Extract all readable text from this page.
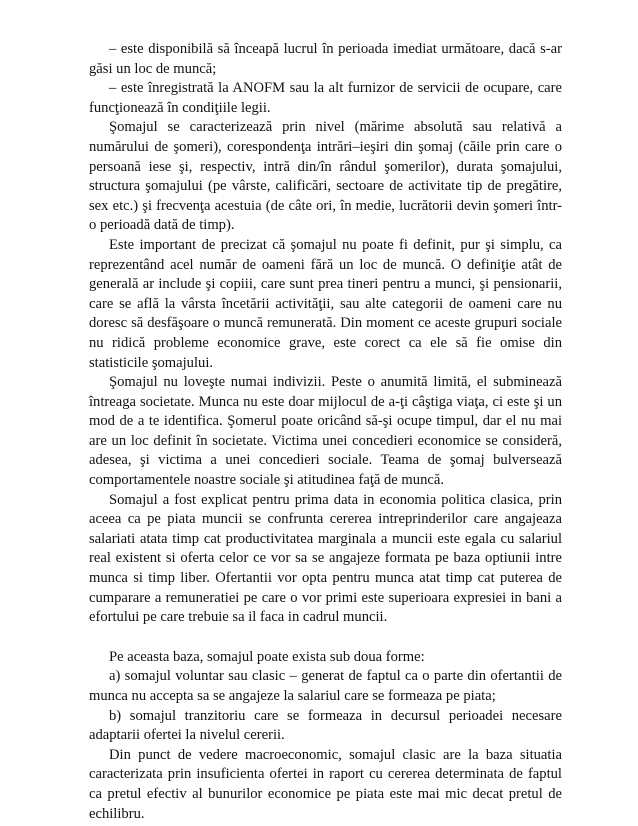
– este disponibilă să înceapă lucrul în perioada imediat următoare, dacă s-ar găsi un loc de muncă;

– este înregistrată la ANOFM sau la alt furnizor de servicii de ocupare, care funcţionează în condiţiile legii.

Şomajul se caracterizează prin nivel (mărime absolută sau relativă a numărului de şomeri), corespondenţa intrări–ieşiri din şomaj (căile prin care o persoană iese şi, respectiv, intră din/în rândul şomerilor), durata şomajului, structura şomajului (pe vârste, calificări, sectoare de activitate tip de pregătire, sex etc.) şi frecvenţa acestuia (de câte ori, în medie, lucrătorii devin şomeri într-o perioadă dată de timp).

Este important de precizat că şomajul nu poate fi definit, pur şi simplu, ca reprezentând acel număr de oameni fără un loc de muncă. O definiţie atât de generală ar include şi copiii, care sunt prea tineri pentru a munci, şi pensionarii, care se află la vârsta încetării activităţii, sau alte categorii de oameni care nu doresc să desfăşoare o muncă remunerată. Din moment ce aceste grupuri sociale nu ridică probleme economice grave, este corect ca ele să fie omise din statisticile şomajului.

Şomajul nu loveşte numai indivizii. Peste o anumită limită, el subminează întreaga societate. Munca nu este doar mijlocul de a-ţi câştiga viaţa, ci este şi un mod de a te identifica. Şomerul poate oricând să-şi ocupe timpul, dar el nu mai are un loc definit în societate. Victima unei concedieri economice se consideră, adesea, şi victima a unei concedieri sociale. Teama de şomaj bulversează comportamentele noastre sociale şi atitudinea faţă de muncă.

Somajul a fost explicat pentru prima data in economia politica clasica, prin aceea ca pe piata muncii se confrunta cererea intreprinderilor care angajeaza salariati atata timp cat productivitatea marginala a muncii este egala cu salariul real existent si oferta celor ce vor sa se angajeze formata pe baza optiunii intre munca si timp liber. Ofertantii vor opta pentru munca atat timp cat puterea de cumparare a remuneratiei pe care o vor primi este superioara expresiei in bani a efortului pe care trebuie sa il faca in cadrul muncii.

Pe aceasta baza, somajul poate exista sub doua forme:

a) somajul voluntar sau clasic – generat de faptul ca o parte din ofertantii de munca nu accepta sa se angajeze la salariul care se formeaza pe piata;

b) somajul tranzitoriu care se formeaza in decursul perioadei necesare adaptarii ofertei la nivelul cererii.

Din punct de vedere macroeconomic, somajul clasic are la baza situatia caracterizata prin insuficienta ofertei in raport cu cererea determinata de faptul ca pretul efectiv al bunurilor economice pe piata este mai mic decat pretul de echilibru.
